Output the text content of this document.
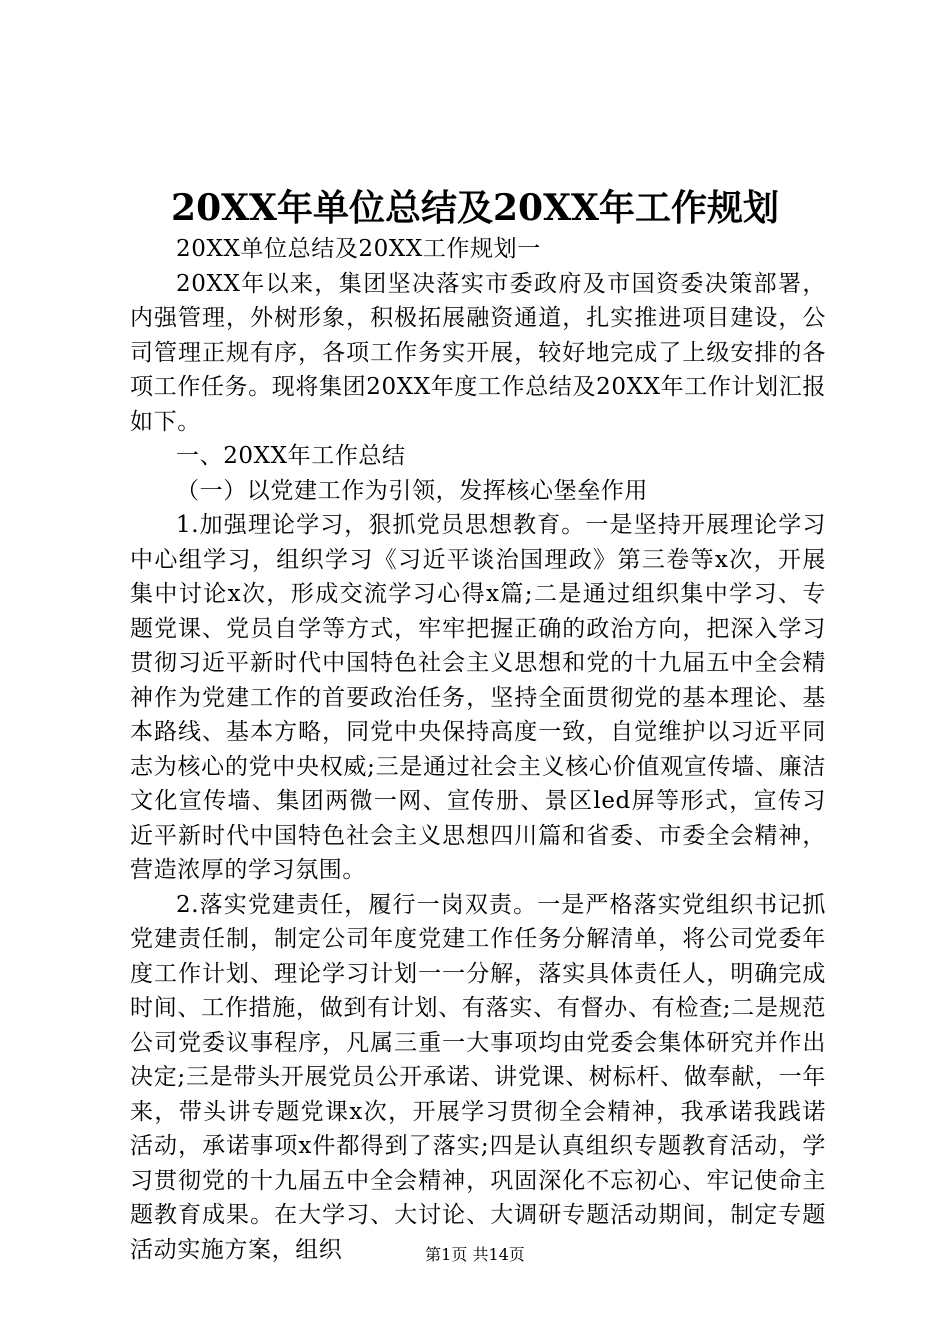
20XX年单位总结及20XX年工作规划

20XX单位总结及20XX工作规划一

20XX年以来，集团坚决落实市委政府及市国资委决策部署，内强管理，外树形象，积极拓展融资通道，扎实推进项目建设，公司管理正规有序，各项工作务实开展，较好地完成了上级安排的各项工作任务。现将集团20XX年度工作总结及20XX年工作计划汇报如下。

一、20XX年工作总结

（一）以党建工作为引领，发挥核心堡垒作用

1.加强理论学习，狠抓党员思想教育。一是坚持开展理论学习中心组学习，组织学习《习近平谈治国理政》第三卷等x次，开展集中讨论x次，形成交流学习心得x篇;二是通过组织集中学习、专题党课、党员自学等方式，牢牢把握正确的政治方向，把深入学习贯彻习近平新时代中国特色社会主义思想和党的十九届五中全会精神作为党建工作的首要政治任务，坚持全面贯彻党的基本理论、基本路线、基本方略，同党中央保持高度一致，自觉维护以习近平同志为核心的党中央权威;三是通过社会主义核心价值观宣传墙、廉洁文化宣传墙、集团两微一网、宣传册、景区led屏等形式，宣传习近平新时代中国特色社会主义思想四川篇和省委、市委全会精神，营造浓厚的学习氛围。

2.落实党建责任，履行一岗双责。一是严格落实党组织书记抓党建责任制，制定公司年度党建工作任务分解清单，将公司党委年度工作计划、理论学习计划一一分解，落实具体责任人，明确完成时间、工作措施，做到有计划、有落实、有督办、有检查;二是规范公司党委议事程序，凡属三重一大事项均由党委会集体研究并作出决定;三是带头开展党员公开承诺、讲党课、树标杆、做奉献，一年来，带头讲专题党课x次，开展学习贯彻全会精神，我承诺我践诺活动，承诺事项x件都得到了落实;四是认真组织专题教育活动，学习贯彻党的十九届五中全会精神，巩固深化不忘初心、牢记使命主题教育成果。在大学习、大讨论、大调研专题活动期间，制定专题活动实施方案，组织	第1页 共14页
